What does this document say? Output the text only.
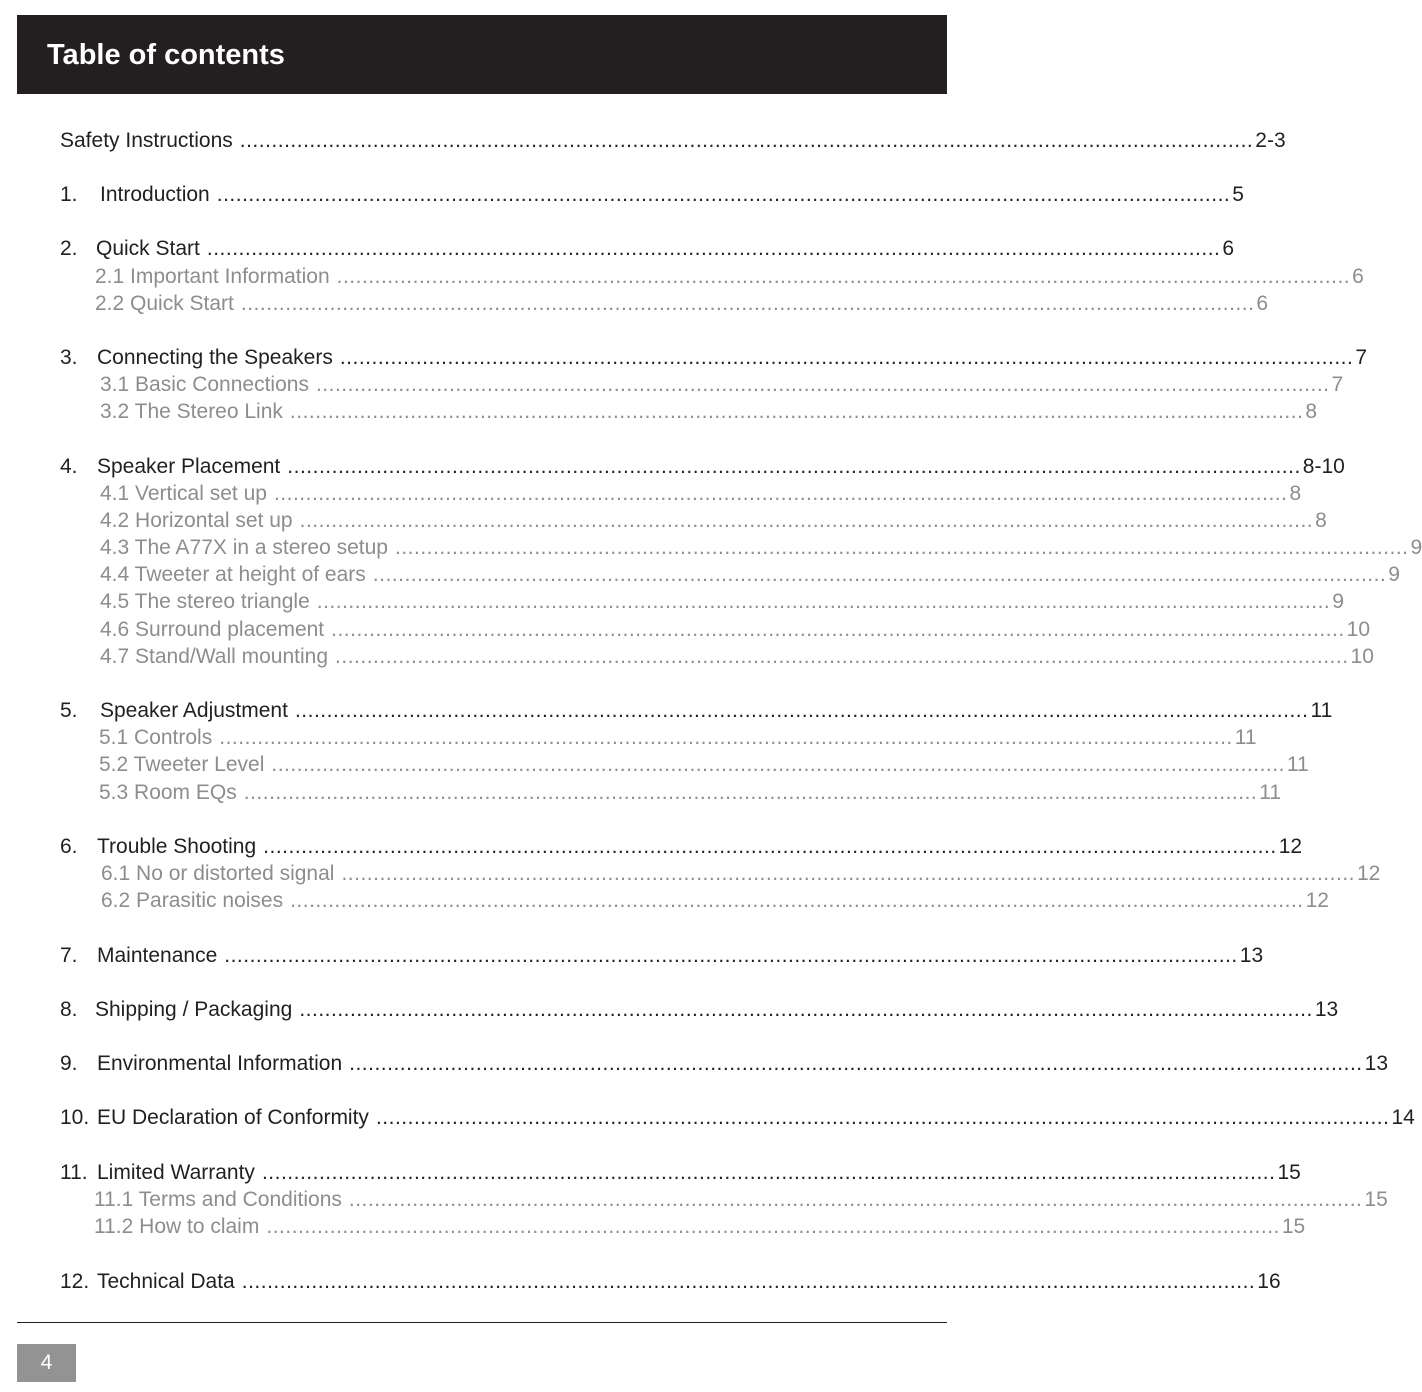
Table of contents
Safety Instructions ................................................................................................................................................................ 2-3
1.	Introduction ................................................................................................................................................................ 5
2. Quick Start ................................................................................................................................................................ 6
2.1 Important Information ................................................................................................................................................................ 6
2.2 Quick Start ................................................................................................................................................................ 6
3. Connecting the Speakers ................................................................................................................................................................ 7
3.1 Basic Connections ................................................................................................................................................................ 7
3.2 The Stereo Link ................................................................................................................................................................ 8
4. Speaker Placement ................................................................................................................................................................ 8-10
4.1 Vertical set up ................................................................................................................................................................ 8
4.2 Horizontal set up ................................................................................................................................................................ 8
4.3 The A77X in a stereo setup ................................................................................................................................................................ 9
4.4 Tweeter at height of ears ................................................................................................................................................................ 9
4.5 The stereo triangle ................................................................................................................................................................ 9
4.6 Surround placement ................................................................................................................................................................ 10
4.7 Stand/Wall mounting ................................................................................................................................................................ 10
5.	Speaker Adjustment ................................................................................................................................................................ 11
5.1 Controls ................................................................................................................................................................ 11
5.2 Tweeter Level ................................................................................................................................................................ 11
5.3 Room EQs ................................................................................................................................................................ 11
6. Trouble Shooting ................................................................................................................................................................ 12
6.1 No or distorted signal ................................................................................................................................................................ 12
6.2 Parasitic noises ................................................................................................................................................................ 12
7. Maintenance ................................................................................................................................................................ 13
8. Shipping / Packaging ................................................................................................................................................................ 13
9. Environmental Information ................................................................................................................................................................ 13
10. EU Declaration of Conformity ................................................................................................................................................................ 14
11. Limited Warranty ................................................................................................................................................................ 15
11.1 Terms and Conditions ................................................................................................................................................................ 15
11.2 How to claim ................................................................................................................................................................ 15
12. Technical Data ................................................................................................................................................................ 16
4
